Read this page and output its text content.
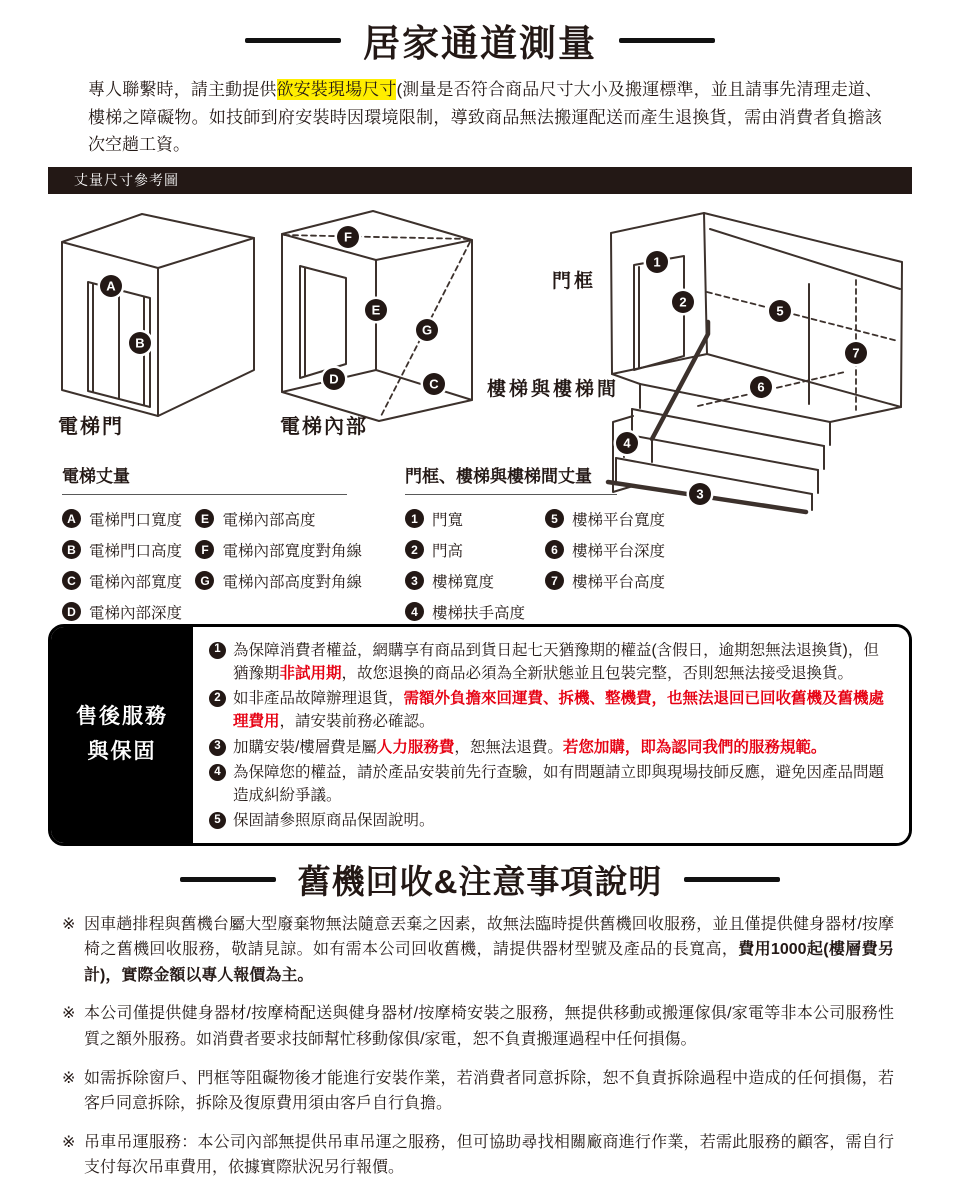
居家通道測量

專人聯繫時，請主動提供欲安裝現場尺寸(測量是否符合商品尺寸大小及搬運標準，並且請事先清理走道、樓梯之障礙物。如技師到府安裝時因環境限制，導致商品無法搬運配送而產生退換貨，需由消費者負擔該次空趟工資。

丈量尺寸參考圖
A
B
電梯門
F
E
G
D	C
電梯內部
1
2
5
7
6
4
3
門框
樓梯與樓梯間
電梯丈量
A 電梯門口寬度
B 電梯門口高度
C 電梯內部寬度
D 電梯內部深度
E 電梯內部高度
F 電梯內部寬度對角線
G 電梯內部高度對角線
門框、樓梯與樓梯間丈量
1 門寬
2 門高
3 樓梯寬度
4 樓梯扶手高度
5 樓梯平台寬度
6 樓梯平台深度
7 樓梯平台高度
售後服務
與保固
1 為保障消費者權益，網購享有商品到貨日起七天猶豫期的權益(含假日，逾期恕無法退換貨)，但猶豫期非試用期，故您退換的商品必須為全新狀態並且包裝完整，否則恕無法接受退換貨。
2 如非產品故障辦理退貨，需額外負擔來回運費、拆機、整機費，也無法退回已回收舊機及舊機處理費用，請安裝前務必確認。
3 加購安裝/樓層費是屬人力服務費，恕無法退費。若您加購，即為認同我們的服務規範。
4 為保障您的權益，請於產品安裝前先行查驗，如有問題請立即與現場技師反應，避免因產品問題造成糾紛爭議。
5 保固請參照原商品保固說明。
舊機回收&注意事項說明
※ 因車趟排程與舊機台屬大型廢棄物無法隨意丟棄之因素，故無法臨時提供舊機回收服務，並且僅提供健身器材/按摩椅之舊機回收服務，敬請見諒。如有需本公司回收舊機，請提供器材型號及產品的長寬高，費用1000起(樓層費另計)，實際金額以專人報價為主。
※ 本公司僅提供健身器材/按摩椅配送與健身器材/按摩椅安裝之服務，無提供移動或搬運傢俱/家電等非本公司服務性質之額外服務。如消費者要求技師幫忙移動傢俱/家電，恕不負責搬運過程中任何損傷。
※ 如需拆除窗戶、門框等阻礙物後才能進行安裝作業，若消費者同意拆除，恕不負責拆除過程中造成的任何損傷，若客戶同意拆除，拆除及復原費用須由客戶自行負擔。
※ 吊車吊運服務：本公司內部無提供吊車吊運之服務，但可協助尋找相關廠商進行作業，若需此服務的顧客，需自行支付每次吊車費用，依據實際狀況另行報價。
